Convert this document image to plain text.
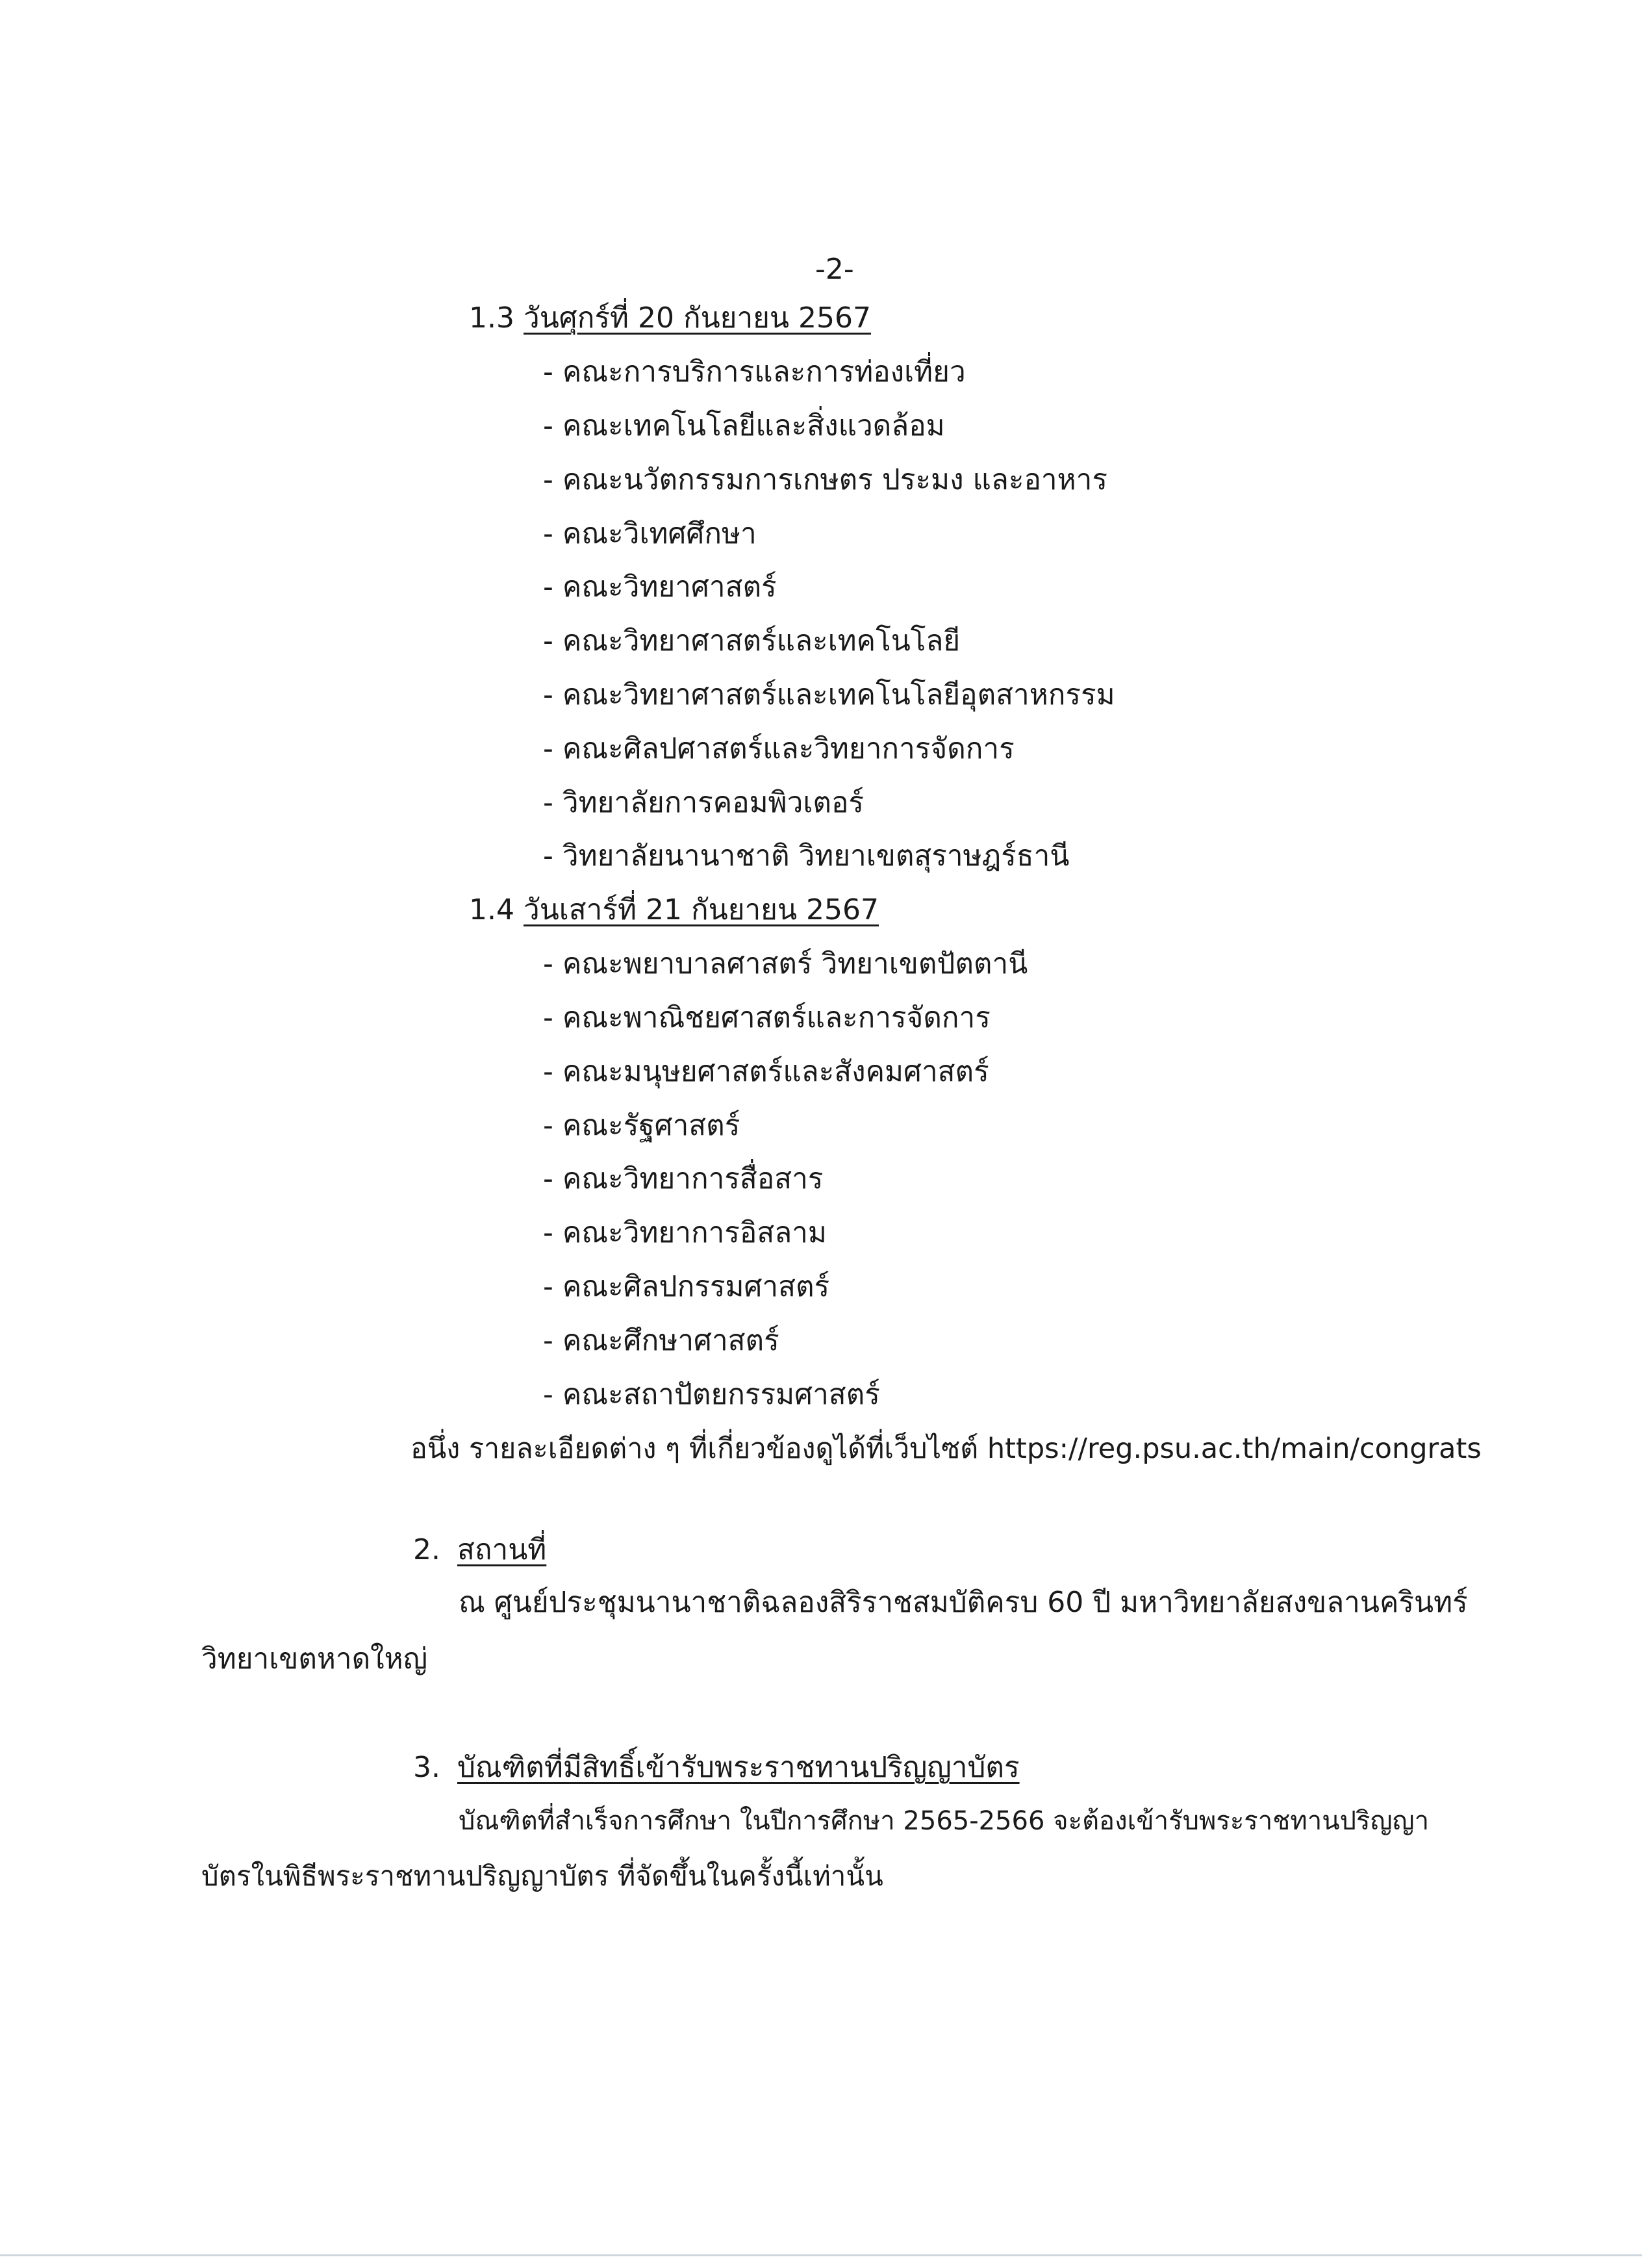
-2-
1.3 วันศุกร์ที่ 20 กันยายน 2567
- คณะการบริการและการท่องเที่ยว
- คณะเทคโนโลยีและสิ่งแวดล้อม
- คณะนวัตกรรมการเกษตร ประมง และอาหาร
- คณะวิเทศศึกษา
- คณะวิทยาศาสตร์
- คณะวิทยาศาสตร์และเทคโนโลยี
- คณะวิทยาศาสตร์และเทคโนโลยีอุตสาหกรรม
- คณะศิลปศาสตร์และวิทยาการจัดการ
- วิทยาลัยการคอมพิวเตอร์
- วิทยาลัยนานาชาติ วิทยาเขตสุราษฎร์ธานี
1.4 วันเสาร์ที่ 21 กันยายน 2567
- คณะพยาบาลศาสตร์ วิทยาเขตปัตตานี
- คณะพาณิชยศาสตร์และการจัดการ
- คณะมนุษยศาสตร์และสังคมศาสตร์
- คณะรัฐศาสตร์
- คณะวิทยาการสื่อสาร
- คณะวิทยาการอิสลาม
- คณะศิลปกรรมศาสตร์
- คณะศึกษาศาสตร์
- คณะสถาปัตยกรรมศาสตร์
อนึ่ง รายละเอียดต่าง ๆ ที่เกี่ยวข้องดูได้ที่เว็บไซต์ https://reg.psu.ac.th/main/congrats
2. สถานที่
ณ ศูนย์ประชุมนานาชาติฉลองสิริราชสมบัติครบ 60 ปี มหาวิทยาลัยสงขลานครินทร์
วิทยาเขตหาดใหญ่
3. บัณฑิตที่มีสิทธิ์เข้ารับพระราชทานปริญญาบัตร
บัณฑิตที่สำเร็จการศึกษา ในปีการศึกษา 2565-2566 จะต้องเข้ารับพระราชทานปริญญา
บัตรในพิธีพระราชทานปริญญาบัตร ที่จัดขึ้นในครั้งนี้เท่านั้น
